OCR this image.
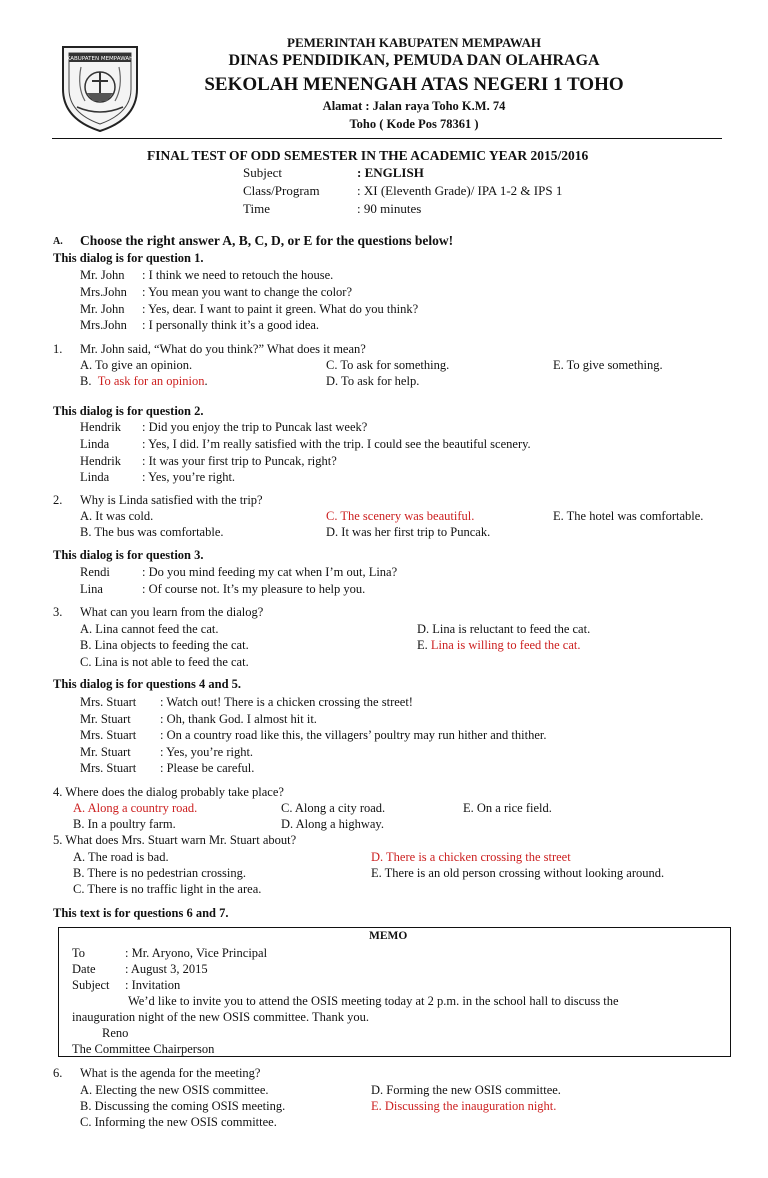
KABUPATEN MEMPAWAH
PEMERINTAH KABUPATEN MEMPAWAH
DINAS PENDIDIKAN, PEMUDA DAN OLAHRAGA
SEKOLAH MENENGAH ATAS NEGERI 1 TOHO
Alamat : Jalan raya Toho K.M. 74
Toho ( Kode Pos 78361 )
FINAL TEST OF ODD SEMESTER IN THE ACADEMIC YEAR 2015/2016
Subject	: ENGLISH
Class/Program	: XI (Eleventh Grade)/ IPA 1-2 & IPS 1
Time	: 90 minutes
A. Choose the right answer A, B, C, D, or E for the questions below!
This dialog is for question 1.
Mr. John : I think we need to retouch the house.
Mrs.John : You mean you want to change the color?
Mr. John : Yes, dear. I want to paint it green. What do you think?
Mrs.John : I personally think it’s a good idea.
1. Mr. John said, “What do you think?” What does it mean?
A. To give an opinion.	C. To ask for something.	E. To give something.
B. To ask for an opinion.	D. To ask for help.
This dialog is for question 2.
Hendrik : Did you enjoy the trip to Puncak last week?
Linda	: Yes, I did. I’m really satisfied with the trip. I could see the beautiful scenery.
Hendrik : It was your first trip to Puncak, right?
Linda	: Yes, you’re right.
2. Why is Linda satisfied with the trip?
A. It was cold.	C. The scenery was beautiful.	E. The hotel was comfortable.
B. The bus was comfortable.	D. It was her first trip to Puncak.
This dialog is for question 3.
Rendi	: Do you mind feeding my cat when I’m out, Lina?
Lina	: Of course not. It’s my pleasure to help you.
3. What can you learn from the dialog?
A. Lina cannot feed the cat.	D. Lina is reluctant to feed the cat.
B. Lina objects to feeding the cat.	E. Lina is willing to feed the cat.
C. Lina is not able to feed the cat.
This dialog is for questions 4 and 5.
Mrs. Stuart : Watch out! There is a chicken crossing the street!
Mr. Stuart : Oh, thank God. I almost hit it.
Mrs. Stuart : On a country road like this, the villagers’ poultry may run hither and thither.
Mr. Stuart : Yes, you’re right.
Mrs. Stuart : Please be careful.
4. Where does the dialog probably take place?
A. Along a country road.	C. Along a city road.	E. On a rice field.
B. In a poultry farm.	D. Along a highway.
5. What does Mrs. Stuart warn Mr. Stuart about?
A. The road is bad.	D. There is a chicken crossing the street
B. There is no pedestrian crossing.	E. There is an old person crossing without looking around.
C. There is no traffic light in the area.
This text is for questions 6 and 7.
MEMO
To	: Mr. Aryono, Vice Principal
Date : August 3, 2015
Subject : Invitation
We’d like to invite you to attend the OSIS meeting today at 2 p.m. in the school hall to discuss the
inauguration night of the new OSIS committee. Thank you.
Reno
The Committee Chairperson
6. What is the agenda for the meeting?
A. Electing the new OSIS committee.	D. Forming the new OSIS committee.
B. Discussing the coming OSIS meeting.	E. Discussing the inauguration night.
C. Informing the new OSIS committee.
